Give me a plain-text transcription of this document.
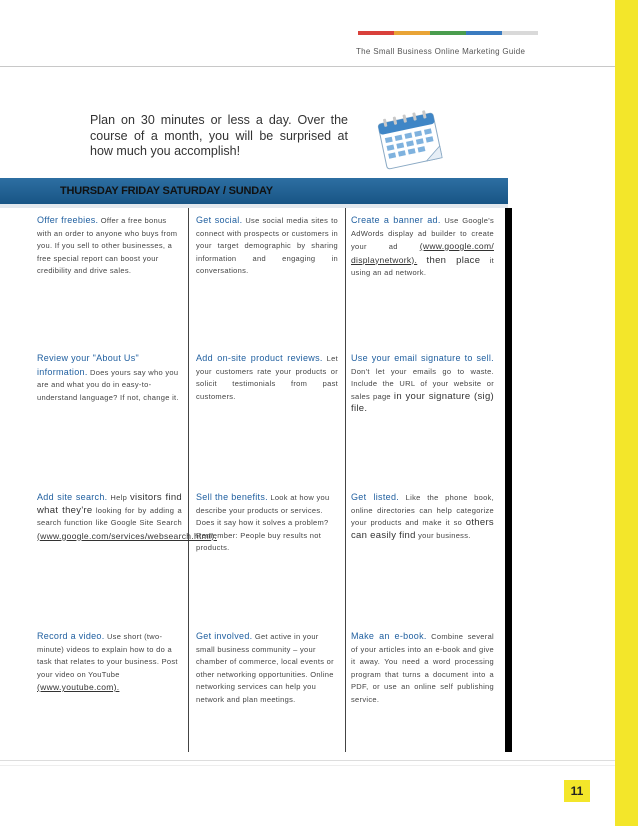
The Small Business Online Marketing Guide
Plan on 30 minutes or less a day. Over the course of a month, you will be surprised at how much you accomplish!
THURSDAY FRIDAY SATURDAY / SUNDAY
Offer freebies. Offer a free bonus with an order to anyone who buys from you. If you sell to other businesses, a free special report can boost your credibility and drive sales.
Get social. Use social media sites to connect with prospects or customers in your target demographic by sharing information and engaging in conversations.
Create a banner ad. Use Google's AdWords display ad builder to create your ad	(www.google.com/ displaynetwork). then place it using an ad network.
Review your "About Us" information. Does yours say who you are and what you do in easy-to-understand language? If not, change it.
Add on-site product reviews. Let your customers rate your products or solicit testimonials from past customers.
Use your email signature to sell. Don't let your emails go to waste. Include the URL of your website or sales page in your signature (sig) file.
Add site search. Help visitors find what they're looking for by adding a search function like Google Site Search (www.google.com/services/websearch.html).
Sell the benefits. Look at how you describe your products or services. Does it say how it solves a problem? Remember: People buy results not products.
Get listed. Like the phone book, online directories can help categorize your products and make it so others can easily find your business.
Record a video. Use short (two-minute) videos to explain how to do a task that relates to your business. Post your video on YouTube (www.youtube.com).
Get involved. Get active in your small business community – your chamber of commerce, local events or other networking opportunities. Online networking services can help you network and plan meetings.
Make an e-book. Combine several of your articles into an e-book and give it away. You need a word processing program that turns a document into a PDF, or use an online self publishing service.
11
